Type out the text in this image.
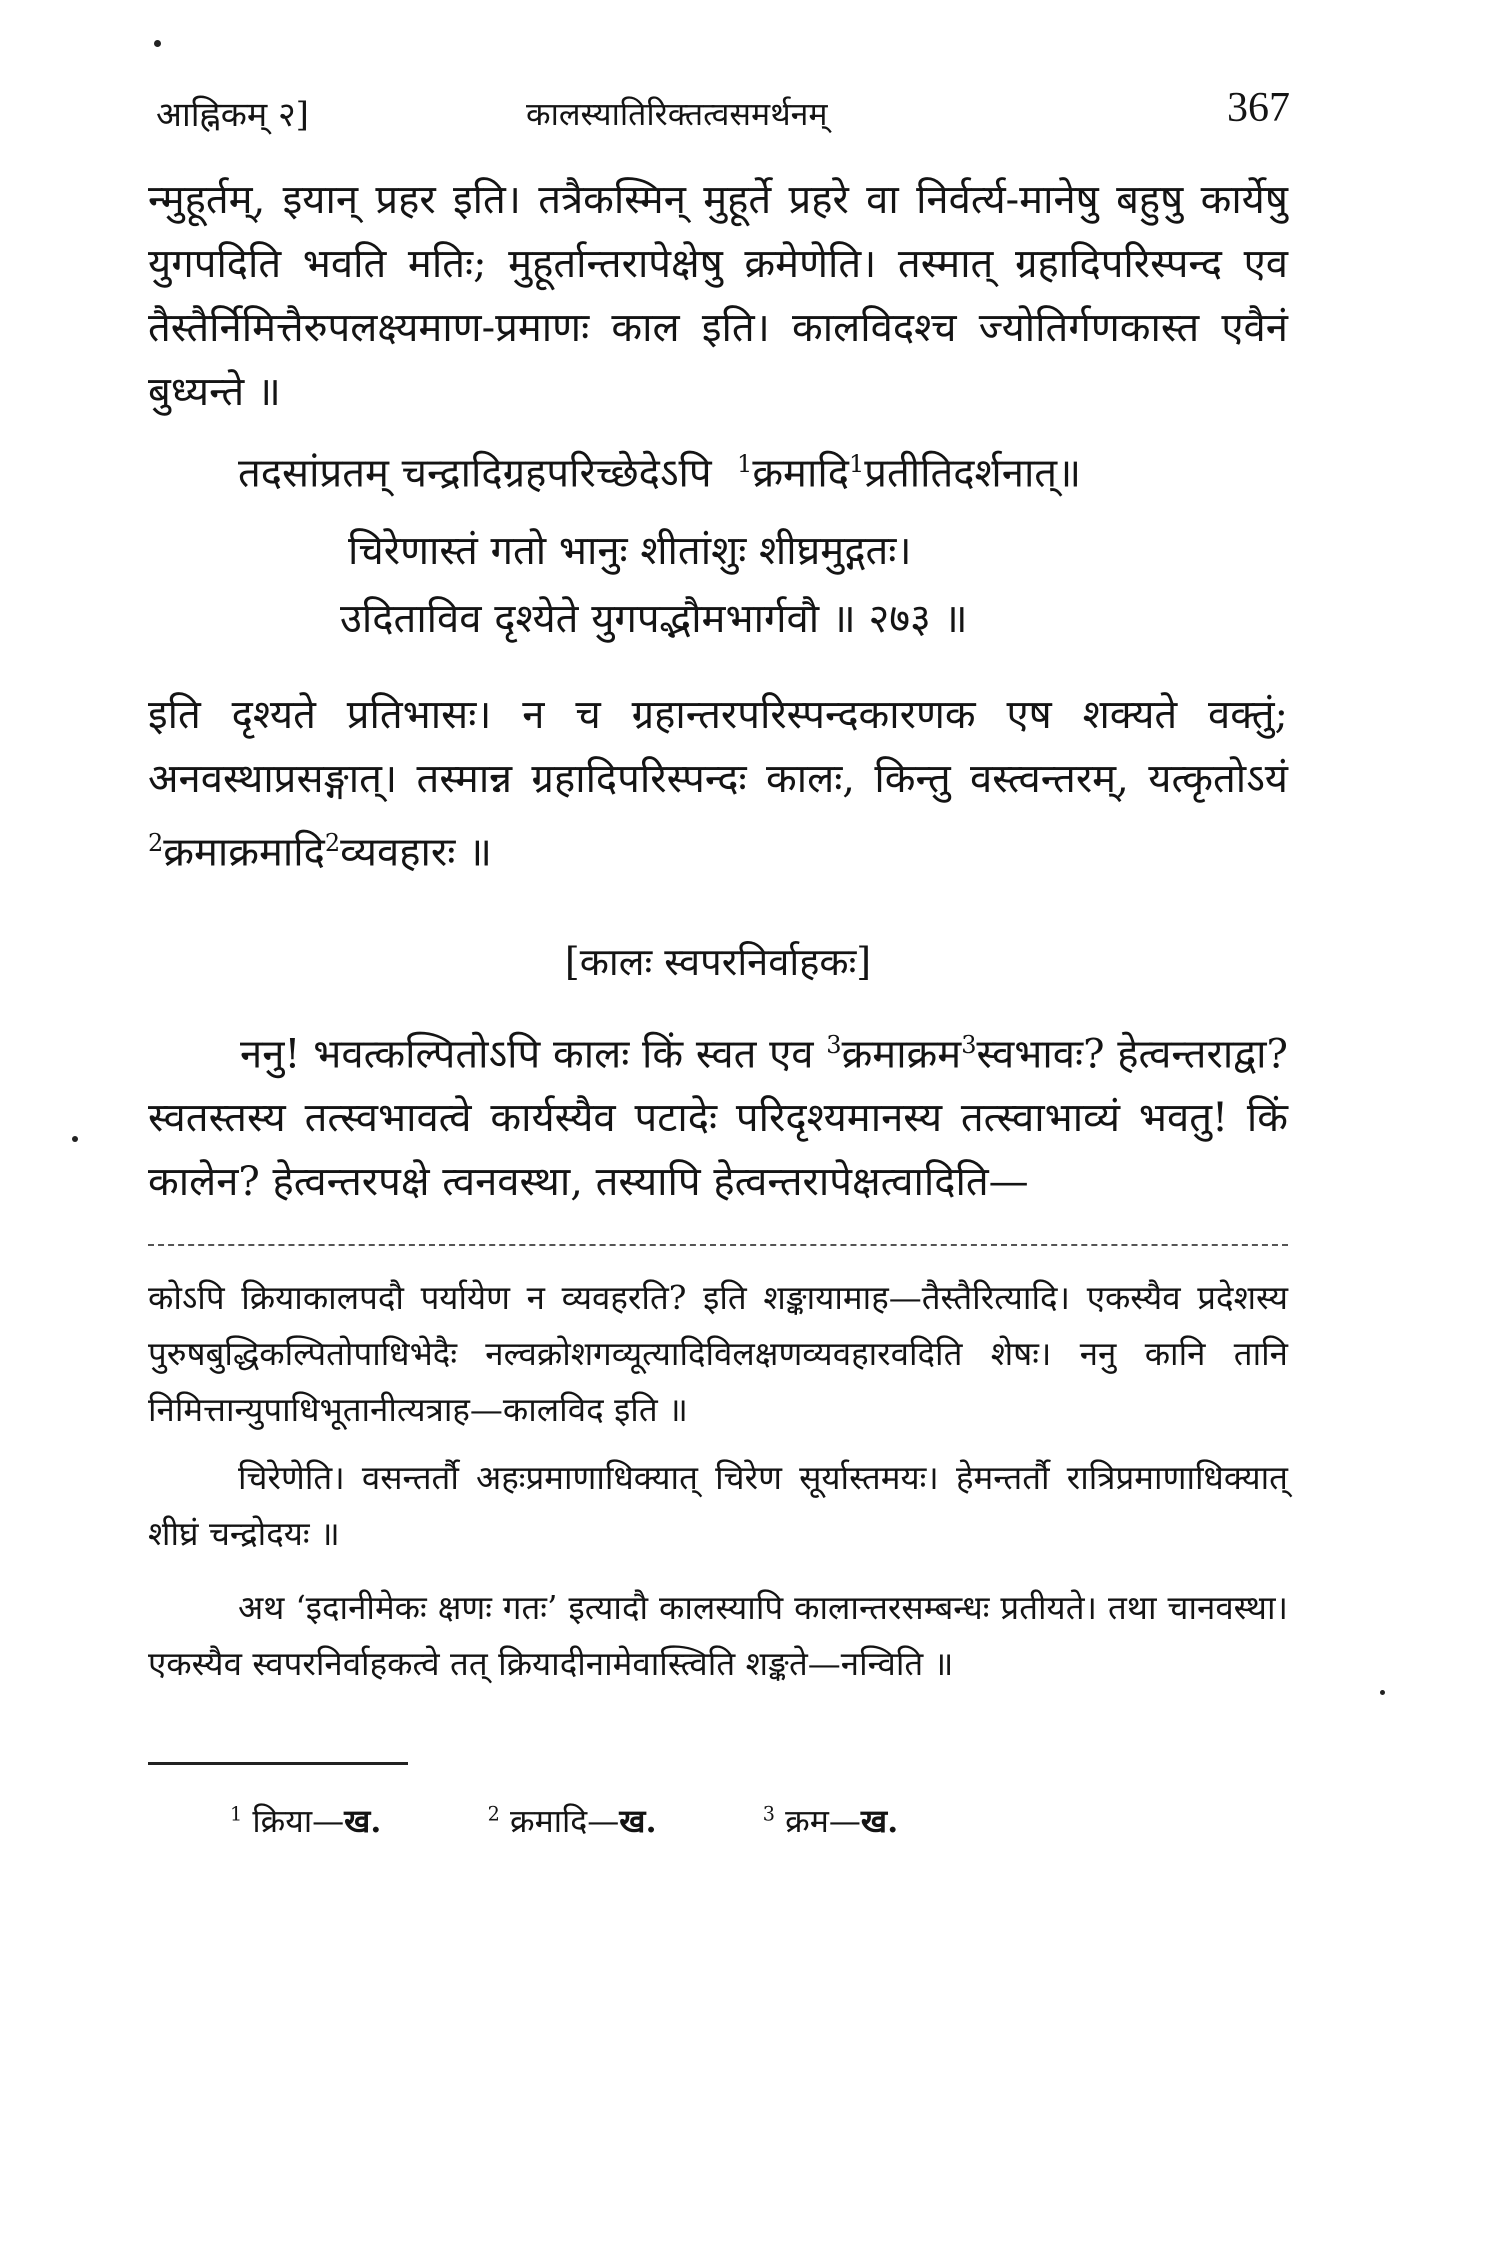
आह्निकम् २]	कालस्यातिरिक्तत्वसमर्थनम्	367

न्मुहूर्तम्, इयान् प्रहर इति। तत्रैकस्मिन् मुहूर्ते प्रहरे वा निर्वर्त्य-मानेषु बहुषु कार्येषु युगपदिति भवति मतिः; मुहूर्तान्तरापेक्षेषु क्रमेणेति। तस्मात् ग्रहादिपरिस्पन्द एव तैस्तैर्निमित्तैरुपलक्ष्यमाण-प्रमाणः काल इति। कालविदश्च ज्योतिर्गणकास्त एवैनं बुध्यन्ते ॥

तदसांप्रतम् चन्द्रादिग्रहपरिच्छेदेऽपि $^1$क्रमादि$^1$प्रतीतिदर्शनात्॥

चिरेणास्तं गतो भानुः शीतांशुः शीघ्रमुद्गतः।
उदिताविव दृश्येते युगपद्भौमभार्गवौ ॥ २७३ ॥

इति दृश्यते प्रतिभासः। न च ग्रहान्तरपरिस्पन्दकारणक एष शक्यते वक्तुं; अनवस्थाप्रसङ्गात्। तस्मान्न ग्रहादिपरिस्पन्दः कालः, किन्तु वस्त्वन्तरम्, यत्कृतोऽयं $^2$क्रमाक्रमादि$^2$व्यवहारः ॥

[कालः स्वपरनिर्वाहकः]

ननु! भवत्कल्पितोऽपि कालः किं स्वत एव $^3$क्रमाक्रम$^3$स्वभावः? हेत्वन्तराद्वा? स्वतस्तस्य तत्स्वभावत्वे कार्यस्यैव पटादेः परिदृश्यमानस्य तत्स्वाभाव्यं भवतु! किं कालेन? हेत्वन्तरपक्षे त्वनवस्था, तस्यापि हेत्वन्तरापेक्षत्वादिति—

कोऽपि क्रियाकालपदौ पर्यायेण न व्यवहरति? इति शङ्कायामाह—तैस्तैरित्यादि। एकस्यैव प्रदेशस्य पुरुषबुद्धिकल्पितोपाधिभेदैः नल्वक्रोशगव्यूत्यादिविलक्षणव्यवहारवदिति शेषः। ननु कानि तानि निमित्तान्युपाधिभूतानीत्यत्राह—कालविद इति ॥

चिरेणेति। वसन्तर्तौ अहःप्रमाणाधिक्यात् चिरेण सूर्यास्तमयः। हेमन्तर्तौ रात्रिप्रमाणाधिक्यात् शीघ्रं चन्द्रोदयः ॥

अथ ‘इदानीमेकः क्षणः गतः’ इत्यादौ कालस्यापि कालान्तरसम्बन्धः प्रतीयते। तथा चानवस्था। एकस्यैव स्वपरनिर्वाहकत्वे तत् क्रियादीनामेवास्त्विति शङ्कते—नन्विति ॥

$^1$ क्रिया—ख.	$^2$ क्रमादि—ख.	$^3$ क्रम—ख.
